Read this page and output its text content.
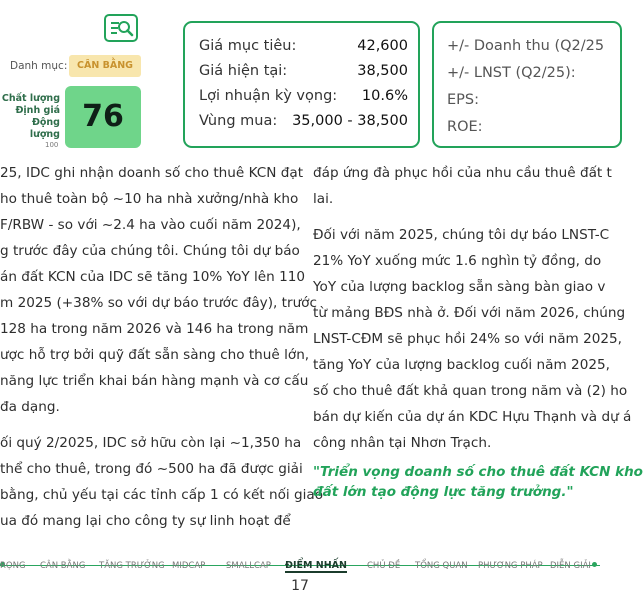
Danh mục:	CÂN BẰNG
Chất lượng
Định giá
Động lượng
76
100
Giá mục tiêu:	42,600
Giá hiện tại:	38,500
Lợi nhuận kỳ vọng: 10.6%
Vùng mua: 35,000 - 38,500
+/- Doanh thu (Q2/25
+/- LNST (Q2/25):
EPS:
ROE:
25, IDC ghi nhận doanh số cho thuê KCN đạt
ho thuê toàn bộ ~10 ha nhà xưởng/nhà kho
F/RBW - so với ~2.4 ha vào cuối năm 2024),
g trước đây của chúng tôi. Chúng tôi dự báo
án đất KCN của IDC sẽ tăng 10% YoY lên 110
m 2025 (+38% so với dự báo trước đây), trước
128 ha trong năm 2026 và 146 ha trong năm
ược hỗ trợ bởi quỹ đất sẵn sàng cho thuê lớn,
năng lực triển khai bán hàng mạnh và cơ cấu
đa dạng.
ối quý 2/2025, IDC sở hữu còn lại ~1,350 ha
thể cho thuê, trong đó ~500 ha đã được giải
bằng, chủ yếu tại các tỉnh cấp 1 có kết nối giao
ua đó mang lại cho công ty sự linh hoạt để
đáp ứng đà phục hồi của nhu cầu thuê đất t
lai.
Đối với năm 2025, chúng tôi dự báo LNST-C
21% YoY xuống mức 1.6 nghìn tỷ đồng, do
YoY của lượng backlog sẵn sàng bàn giao v
từ mảng BĐS nhà ở. Đối với năm 2026, chúng
LNST-CĐM sẽ phục hồi 24% so với năm 2025,
tăng YoY của lượng backlog cuối năm 2025,
số cho thuê đất khả quan trong năm và (2) ho
bán dự kiến của dự án KDC Hựu Thạnh và dự á
công nhân tại Nhơn Trạch.
"Triển vọng doanh số cho thuê đất KCN kho
đất lớn tạo động lực tăng trưởng."
RỌNG CÂN BẰNG TĂNG TRƯỞNG MIDCAP SMALLCAP ĐIỂM NHẤN CHỦ ĐỀ TỔNG QUAN PHƯƠNG PHÁP DIỄN GIẢI
17
